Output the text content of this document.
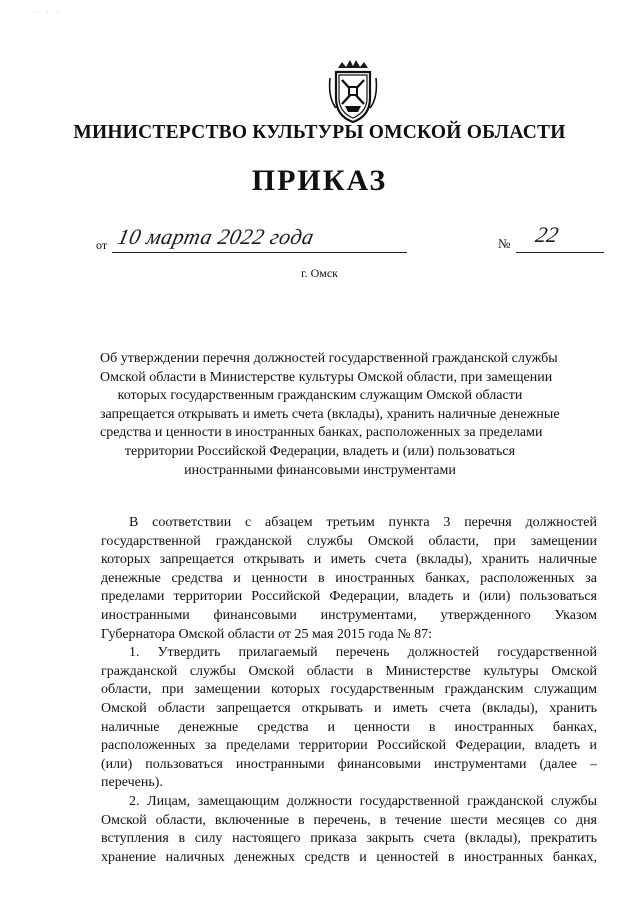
· · ·
МИНИСТЕРСТВО КУЛЬТУРЫ ОМСКОЙ ОБЛАСТИ
ПРИКАЗ
от 10 марта 2022 года	№ 22
г. Омск
Об утверждении перечня должностей государственной гражданской службы
Омской области в Министерстве культуры Омской области, при замещении
которых государственным гражданским служащим Омской области
запрещается открывать и иметь счета (вклады), хранить наличные денежные
средства и ценности в иностранных банках, расположенных за пределами
территории Российской Федерации, владеть и (или) пользоваться
иностранными финансовыми инструментами
В соответствии с абзацем третьим пункта 3 перечня должностей
государственной гражданской службы Омской области, при замещении
которых запрещается открывать и иметь счета (вклады), хранить наличные
денежные средства и ценности в иностранных банках, расположенных за
пределами территории Российской Федерации, владеть и (или) пользоваться
иностранными финансовыми инструментами, утвержденного Указом
Губернатора Омской области от 25 мая 2015 года № 87:
1. Утвердить прилагаемый перечень должностей государственной
гражданской службы Омской области в Министерстве культуры Омской
области, при замещении которых государственным гражданским служащим
Омской области запрещается открывать и иметь счета (вклады), хранить
наличные денежные средства и ценности в иностранных банках,
расположенных за пределами территории Российской Федерации, владеть и
(или) пользоваться иностранными финансовыми инструментами (далее –
перечень).
2. Лицам, замещающим должности государственной гражданской службы
Омской области, включенные в перечень, в течение шести месяцев со дня
вступления в силу настоящего приказа закрыть счета (вклады), прекратить
хранение наличных денежных средств и ценностей в иностранных банках,
